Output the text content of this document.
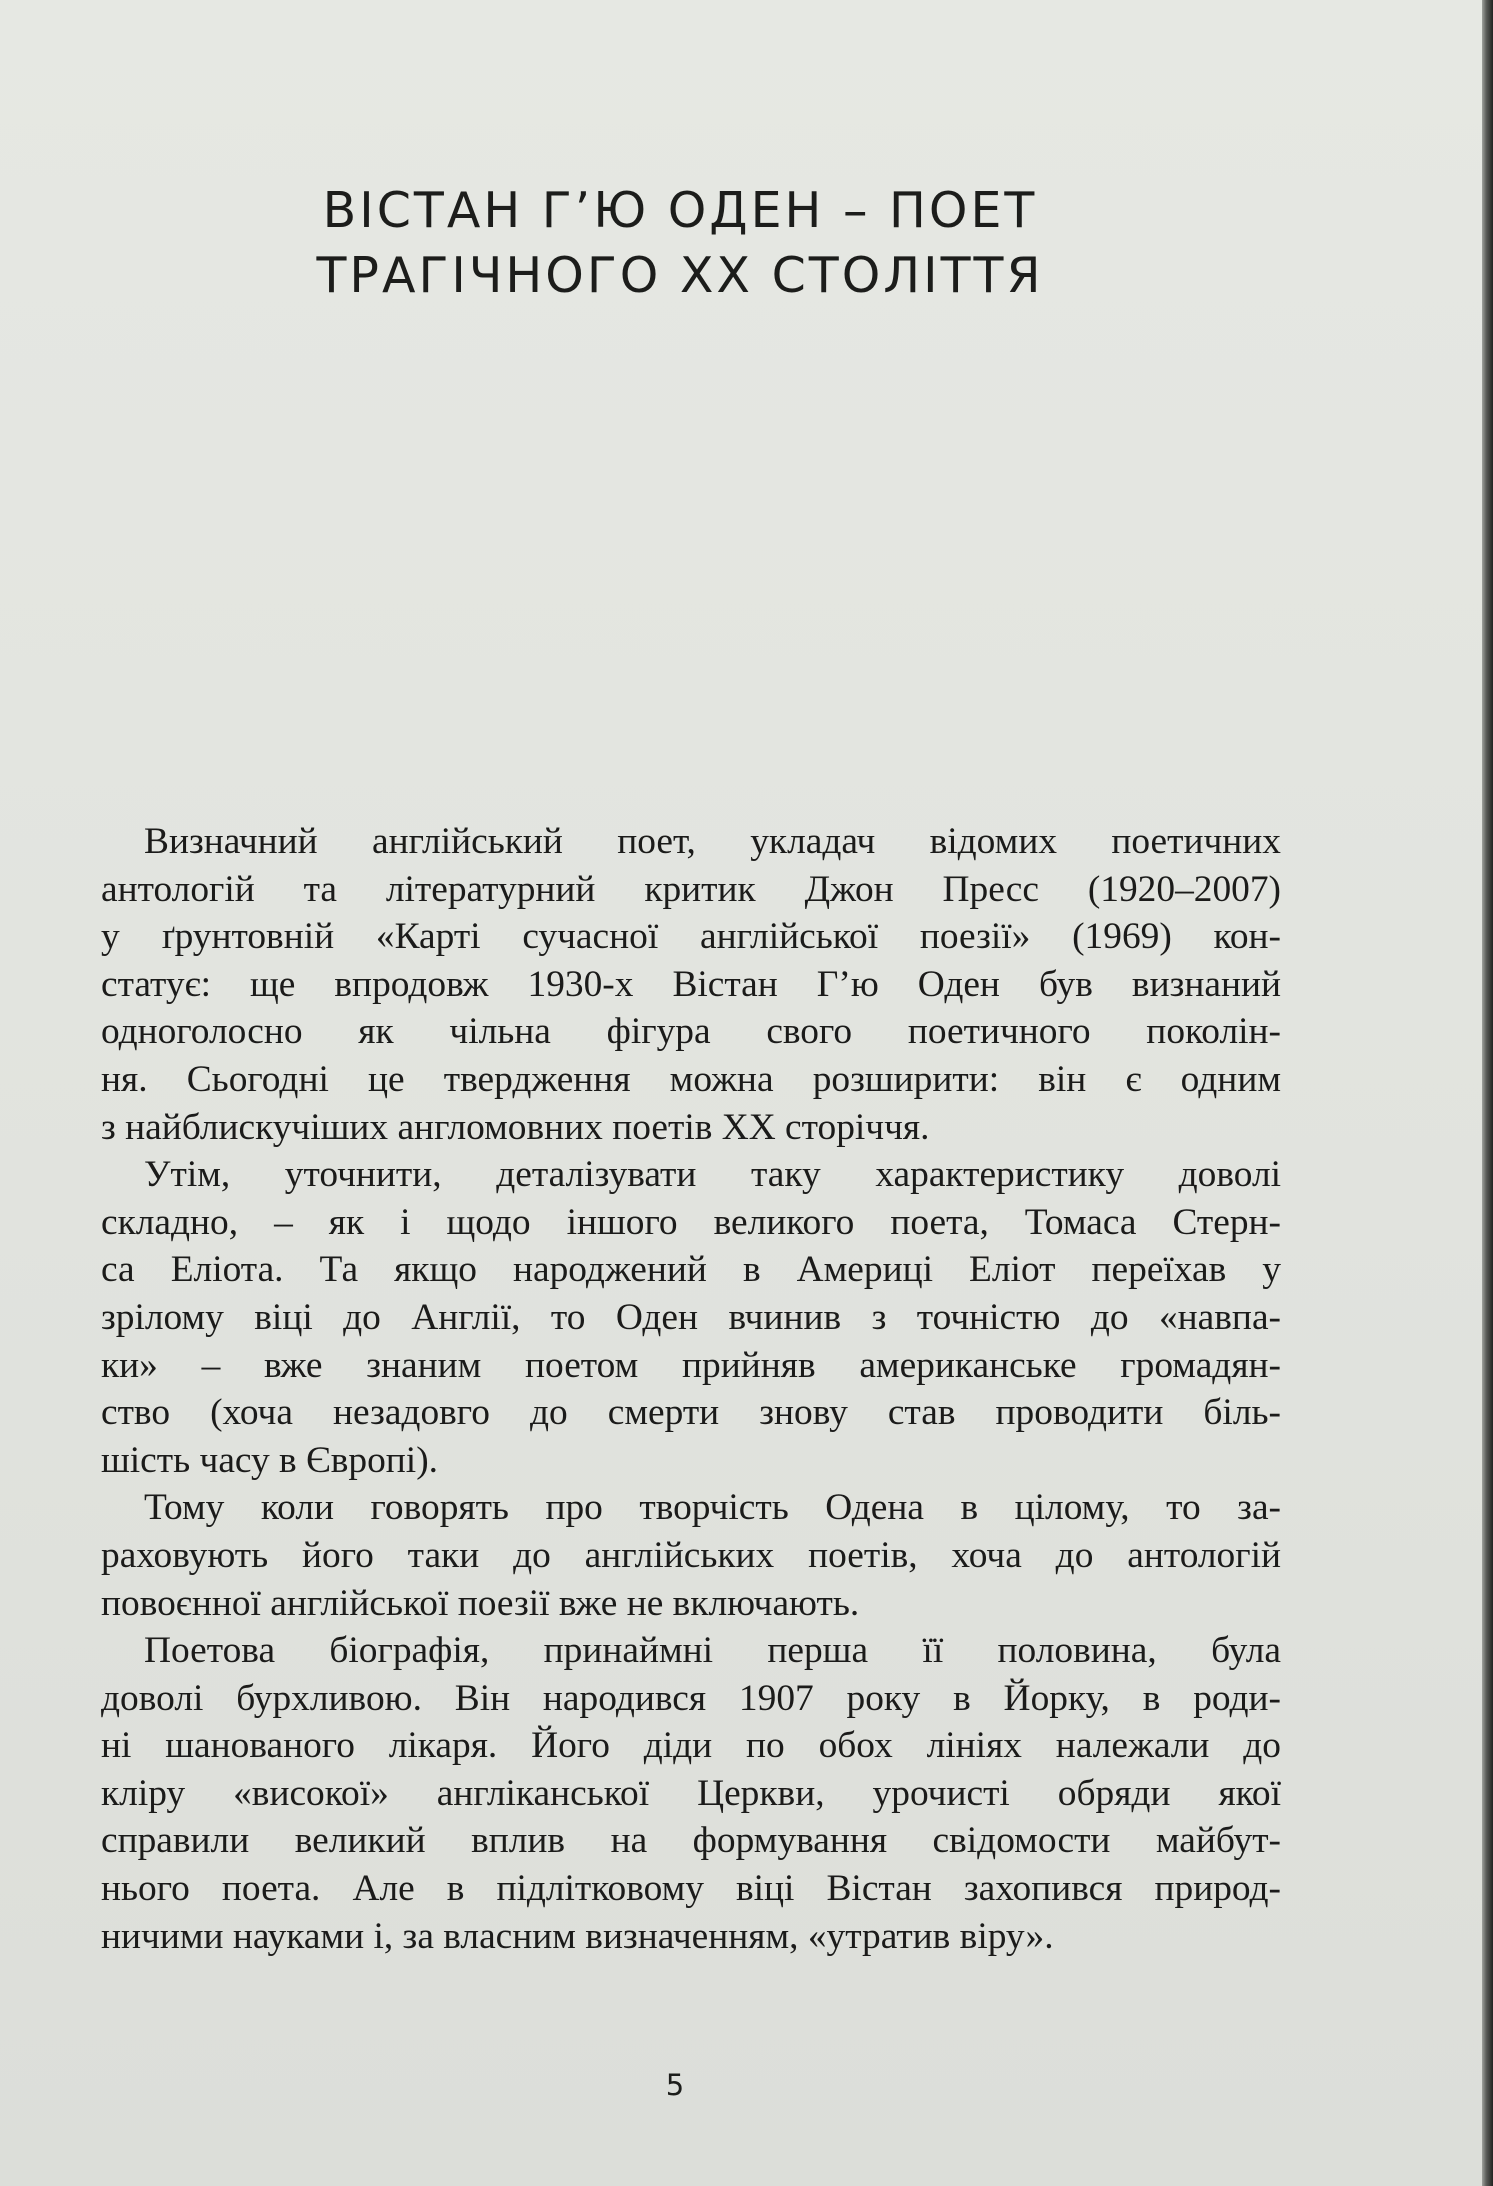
ВІСТАН Г’Ю ОДЕН – ПОЕТ
ТРАГІЧНОГО ХХ СТОЛІТТЯ

Визначний англійський поет, укладач відомих поетичних
антологій та літературний критик Джон Пресс (1920–2007)
у ґрунтовній «Карті сучасної англійської поезії» (1969) кон-
статує: ще впродовж 1930-х Вістан Г’ю Оден був визнаний
одноголосно як чільна фігура свого поетичного поколін-
ня. Сьогодні це твердження можна розширити: він є одним
з найблискучіших англомовних поетів ХХ сторіччя.

Утім, уточнити, деталізувати таку характеристику доволі
складно, – як і щодо іншого великого поета, Томаса Стерн-
са Еліота. Та якщо народжений в Америці Еліот переїхав у
зрілому віці до Англії, то Оден вчинив з точністю до «навпа-
ки» – вже знаним поетом прийняв американське громадян-
ство (хоча незадовго до смерти знову став проводити біль-
шість часу в Європі).

Тому коли говорять про творчість Одена в цілому, то за-
раховують його таки до англійських поетів, хоча до антологій
повоєнної англійської поезії вже не включають.

Поетова біографія, принаймні перша її половина, була
доволі бурхливою. Він народився 1907 року в Йорку, в роди-
ні шанованого лікаря. Його діди по обох лініях належали до
кліру «високої» англіканської Церкви, урочисті обряди якої
справили великий вплив на формування свідомости майбут-
нього поета. Але в підлітковому віці Вістан захопився природ-
ничими науками і, за власним визначенням, «утратив віру».

5
